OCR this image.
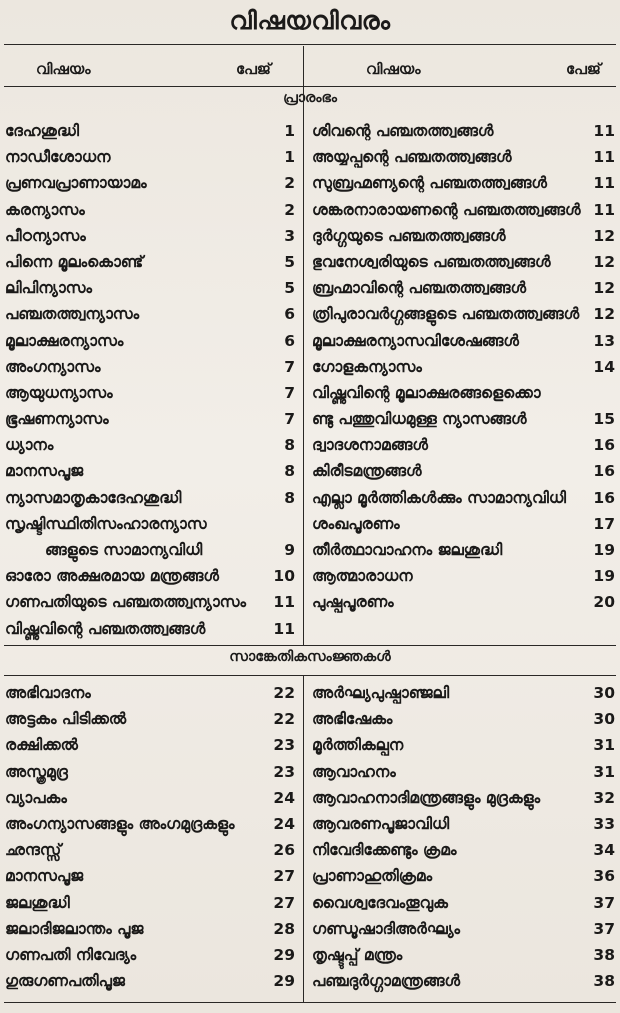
വിഷയവിവരം
വിഷയം	പേജ്	വിഷയം	പേജ്
പ്രാരംഭം
ദേഹശുദ്ധി	1
നാഡീശോധന	1
പ്രണവപ്രാണായാമം	2
കരന്യാസം	2
പീഠന്യാസം	3
പിന്നെ മൂലംകൊണ്ട്	5
ലിപിന്യാസം	5
പഞ്ചതത്ത്വന്യാസം	6
മൂലാക്ഷരന്യാസം	6
അംഗന്യാസം	7
ആയുധന്യാസം	7
ഭൂഷണന്യാസം	7
ധ്യാനം	8
മാനസപൂജ	8
ന്യാസമാതൃകാദേഹശുദ്ധി	8
സൃഷ്ടിസ്ഥിതിസംഹാരന്യാസ
ങ്ങളുടെ സാമാന്യവിധി	9
ഓരോ അക്ഷരമായ മന്ത്രങ്ങൾ	10
ഗണപതിയുടെ പഞ്ചതത്ത്വന്യാസം 11
വിഷ്ണുവിന്റെ പഞ്ചതത്ത്വങ്ങൾ	11
ശിവന്റെ പഞ്ചതത്ത്വങ്ങൾ	11
അയ്യപ്പന്റെ പഞ്ചതത്ത്വങ്ങൾ	11
സുബ്രഹ്മണ്യന്റെ പഞ്ചതത്ത്വങ്ങൾ	11
ശങ്കരനാരായണന്റെ പഞ്ചതത്ത്വങ്ങൾ 11
ദുർഗ്ഗയുടെ പഞ്ചതത്ത്വങ്ങൾ	12
ഭുവനേശ്വരിയുടെ പഞ്ചതത്ത്വങ്ങൾ	12
ബ്രഹ്മാവിന്റെ പഞ്ചതത്ത്വങ്ങൾ	12
ത്രിപുരാവർഗ്ഗങ്ങളുടെ പഞ്ചതത്ത്വങ്ങൾ 12
മൂലാക്ഷരന്യാസവിശേഷങ്ങൾ	13
ഗോളകന്യാസം	14
വിഷ്ണുവിന്റെ മൂലാക്ഷരങ്ങളെക്കൊ
ണ്ടു പത്തുവിധമുള്ള ന്യാസങ്ങൾ	15
ദ്വാദശനാമങ്ങൾ	16
കിരീടമന്ത്രങ്ങൾ	16
എല്ലാ മൂർത്തികൾക്കും സാമാന്യവിധി 16
ശംഖപൂരണം	17
തീർത്ഥാവാഹനം ജലശുദ്ധി	19
ആത്മാരാധന	19
പുഷ്പപൂരണം	20
സാങ്കേതികസംജ്ഞകൾ
അഭിവാദനം	22
അട്ടകം പിടിക്കൽ	22
രക്ഷിക്കൽ	23
അസ്ത്രമുദ്ര	23
വ്യാപകം	24
അംഗന്യാസങ്ങളും അംഗമുദ്രകളും	24
ഛന്ദസ്സ്	26
മാനസപൂജ	27
ജലശുദ്ധി	27
ജലാദിജലാന്തം പൂജ	28
ഗണപതി നിവേദ്യം	29
ഗുരുഗണപതിപൂജ	29
അർഘ്യപുഷ്പാഞ്ജലി	30
അഭിഷേകം	30
മൂർത്തികല്പന	31
ആവാഹനം	31
ആവാഹനാദിമന്ത്രങ്ങളും മുദ്രകളും	32
ആവരണപൂജാവിധി	33
നിവേദിക്കേണ്ടും ക്രമം	34
പ്രാണാഹുതിക്രമം	36
വൈശ്വദേവംതൂവുക	37
ഗണ്ഡൂഷാദിഅർഘ്യം	37
തൃഷ്ടുപ്പ് മന്ത്രം	38
പഞ്ചദുർഗ്ഗാമന്ത്രങ്ങൾ	38
